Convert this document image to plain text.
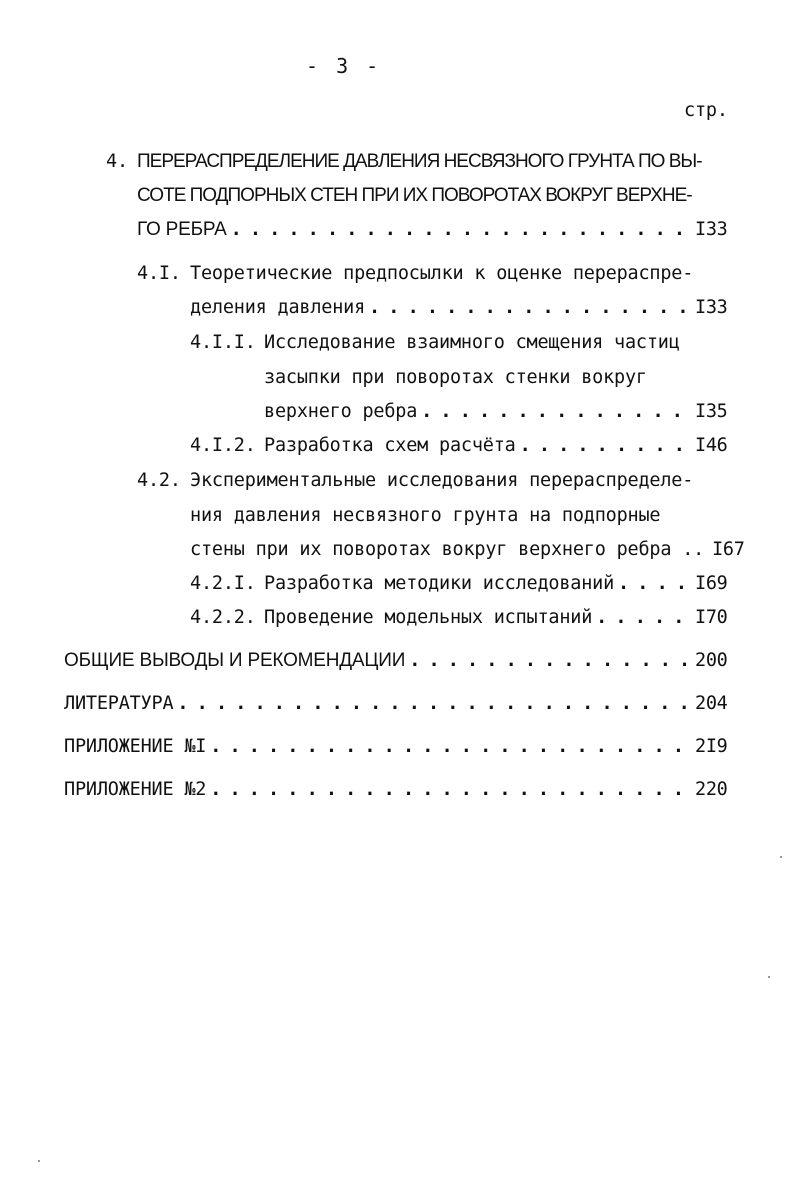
- 3 -
стр.
4. ПЕРЕРАСПРЕДЕЛЕНИЕ ДАВЛЕНИЯ НЕСВЯЗНОГО ГРУНТА ПО ВЫ-
СОТЕ ПОДПОРНЫХ СТЕН ПРИ ИХ ПОВОРОТАХ ВОКРУГ ВЕРХНЕ-
ГО РЕБРА . . .	I33
4.I. Теоретические предпосылки к оценке перераспре-
деления давления . . .	I33
4.I.I. Исследование взаимного смещения частиц
засыпки при поворотах стенки вокруг
верхнего ребра . . .	I35
4.I.2. Разработка схем расчёта . . .	I46
4.2. Экспериментальные исследования перераспределе-
ния давления несвязного грунта на подпорные
стены при их поворотах вокруг верхнего ребра .. I67
4.2.I. Разработка методики исследований . . .	I69
4.2.2. Проведение модельных испытаний . . .	I70
ОБЩИЕ ВЫВОДЫ И РЕКОМЕНДАЦИИ . . .	200
ЛИТЕРАТУРА . . .	204
ПРИЛОЖЕНИЕ №I . . .	2I9
ПРИЛОЖЕНИЕ №2 . . .	220
